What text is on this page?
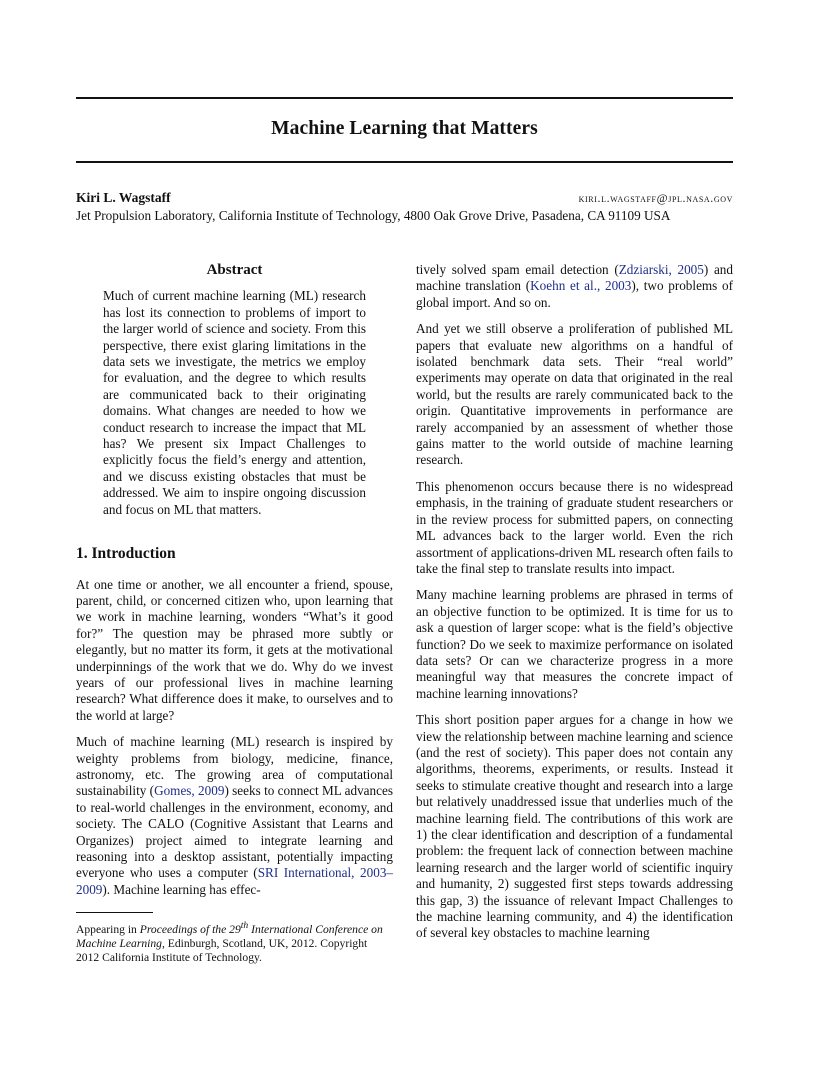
Machine Learning that Matters
Kiri L. Wagstaff	kiri.l.wagstaff@jpl.nasa.gov
Jet Propulsion Laboratory, California Institute of Technology, 4800 Oak Grove Drive, Pasadena, CA 91109 USA
Abstract

Much of current machine learning (ML) research has lost its connection to problems of import to the larger world of science and society. From this perspective, there exist glaring limitations in the data sets we investigate, the metrics we employ for evaluation, and the degree to which results are communicated back to their originating domains. What changes are needed to how we conduct research to increase the impact that ML has? We present six Impact Challenges to explicitly focus the field’s energy and attention, and we discuss existing obstacles that must be addressed. We aim to inspire ongoing discussion and focus on ML that matters.

1. Introduction

At one time or another, we all encounter a friend, spouse, parent, child, or concerned citizen who, upon learning that we work in machine learning, wonders “What’s it good for?” The question may be phrased more subtly or elegantly, but no matter its form, it gets at the motivational underpinnings of the work that we do. Why do we invest years of our professional lives in machine learning research? What difference does it make, to ourselves and to the world at large?

Much of machine learning (ML) research is inspired by weighty problems from biology, medicine, finance, astronomy, etc. The growing area of computational sustainability (Gomes, 2009) seeks to connect ML advances to real-world challenges in the environment, economy, and society. The CALO (Cognitive Assistant that Learns and Organizes) project aimed to integrate learning and reasoning into a desktop assistant, potentially impacting everyone who uses a computer (SRI International, 2003–2009). Machine learning has effec-

Appearing in Proceedings of the 29th International Conference on Machine Learning, Edinburgh, Scotland, UK, 2012. Copyright 2012 California Institute of Technology.

tively solved spam email detection (Zdziarski, 2005) and machine translation (Koehn et al., 2003), two problems of global import. And so on.

And yet we still observe a proliferation of published ML papers that evaluate new algorithms on a handful of isolated benchmark data sets. Their “real world” experiments may operate on data that originated in the real world, but the results are rarely communicated back to the origin. Quantitative improvements in performance are rarely accompanied by an assessment of whether those gains matter to the world outside of machine learning research.

This phenomenon occurs because there is no widespread emphasis, in the training of graduate student researchers or in the review process for submitted papers, on connecting ML advances back to the larger world. Even the rich assortment of applications-driven ML research often fails to take the final step to translate results into impact.

Many machine learning problems are phrased in terms of an objective function to be optimized. It is time for us to ask a question of larger scope: what is the field’s objective function? Do we seek to maximize performance on isolated data sets? Or can we characterize progress in a more meaningful way that measures the concrete impact of machine learning innovations?

This short position paper argues for a change in how we view the relationship between machine learning and science (and the rest of society). This paper does not contain any algorithms, theorems, experiments, or results. Instead it seeks to stimulate creative thought and research into a large but relatively unaddressed issue that underlies much of the machine learning field. The contributions of this work are 1) the clear identification and description of a fundamental problem: the frequent lack of connection between machine learning research and the larger world of scientific inquiry and humanity, 2) suggested first steps towards addressing this gap, 3) the issuance of relevant Impact Challenges to the machine learning community, and 4) the identification of several key obstacles to machine learning
